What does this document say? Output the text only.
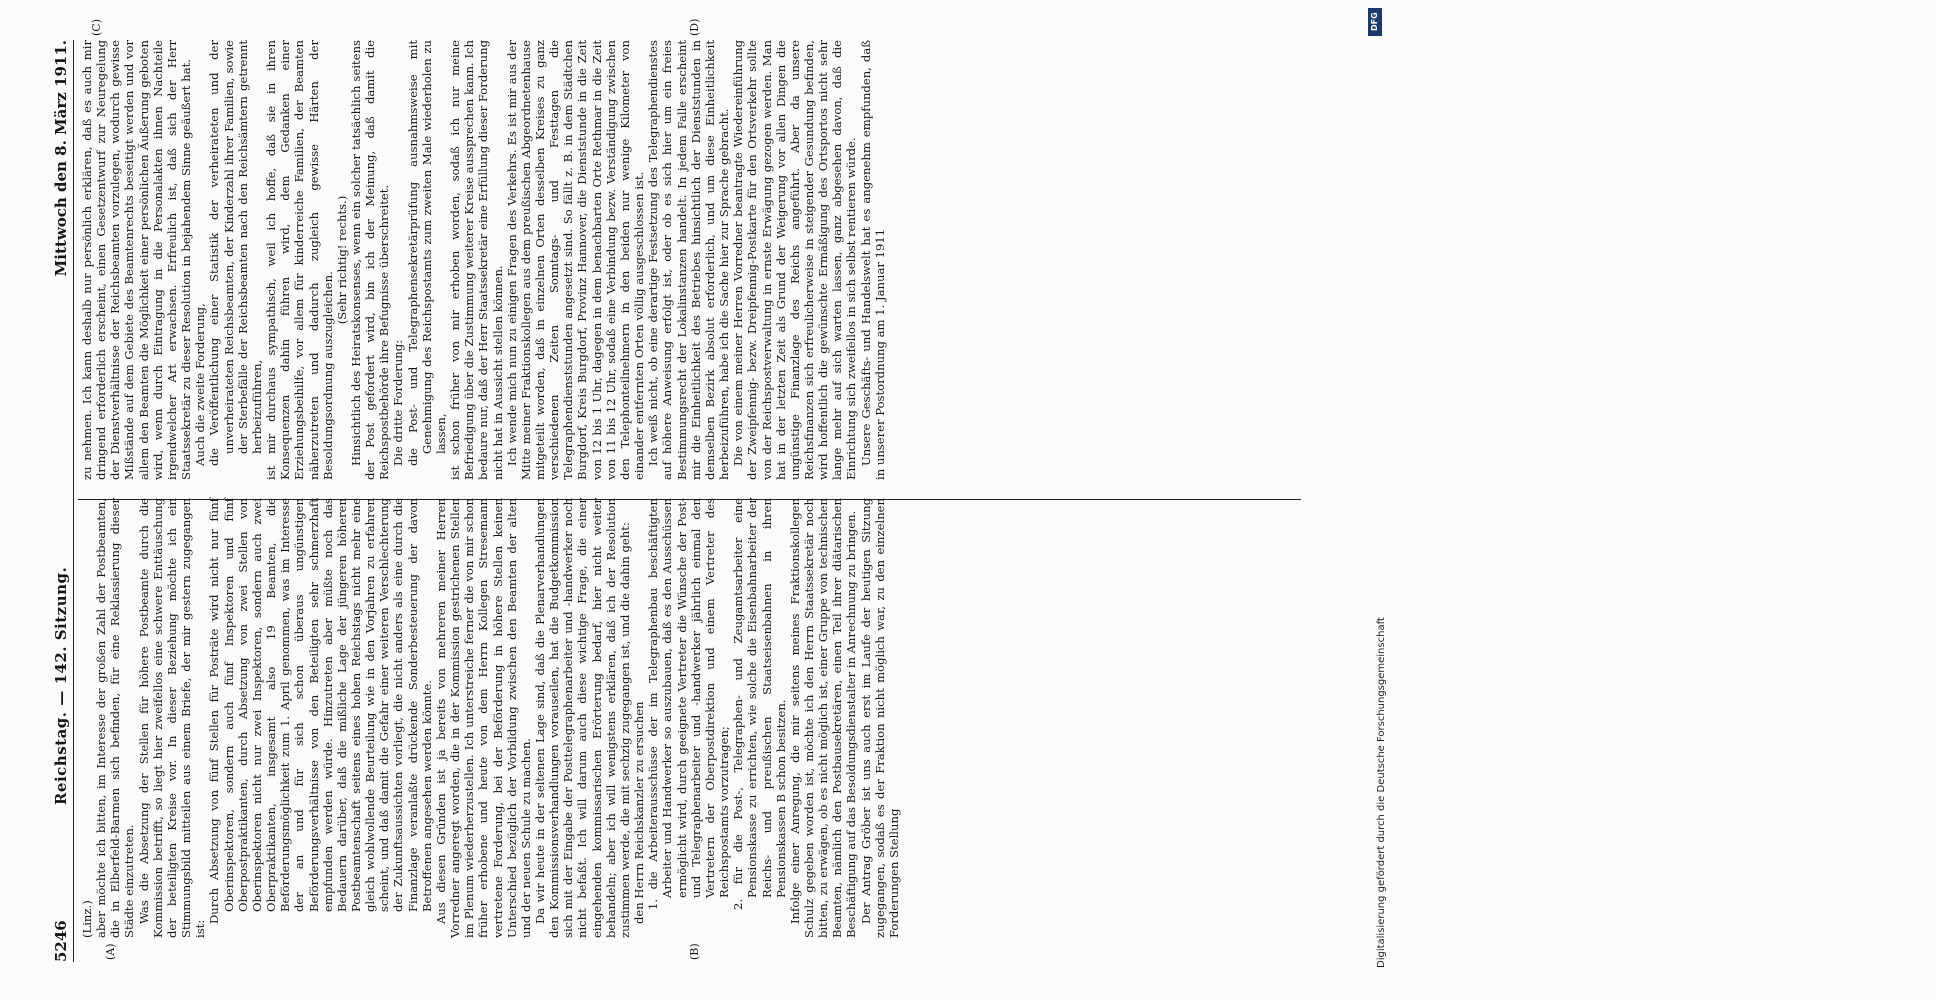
5246
Reichstag. — 142. Sitzung.
Mittwoch den 8. März 1911.
(A)	(B)
(C)	(D)

(Linz.) aber möchte ich bitten, im Interesse der großen Zahl der Postbeamten, die in Elberfeld-Barmen sich befinden, für eine Reklassierung dieser Städte einzutreten. Was die Absetzung der Stellen für höhere Postbeamte durch die Kommission betrifft, so liegt hier zweifellos eine schwere Enttäuschung der beteiligten Kreise vor. In dieser Beziehung möchte ich ein Stimmungsbild mitteilen aus einem Briefe, der mir gestern zugegangen ist:

Durch Absetzung von fünf Stellen für Posträte wird nicht nur fünf Oberinspektoren, sondern auch fünf Inspektoren und fünf Oberpostpraktikanten, durch Absetzung von zwei Stellen von Oberinspektoren nicht nur zwei Inspektoren, sondern auch zwei Oberpraktikanten, insgesamt also 19 Beamten, die Beförderungsmöglichkeit zum 1. April genommen, was im Interesse der an und für sich schon überaus ungünstigen Beförderungsverhältnisse von den Beteiligten sehr schmerzhaft empfunden werden würde. Hinzutreten aber müßte noch das Bedauern darüber, daß die mißliche Lage der jüngeren höheren Postbeamtenschaft seitens eines hohen Reichstags nicht mehr eine gleich wohlwollende Beurteilung wie in den Vorjahren zu erfahren scheint, und daß damit die Gefahr einer weiteren Verschlechterung der Zukunftsaussichten vorliegt, die nicht anders als eine durch die Finanzlage veranlaßte drückende Sonderbesteuerung der davon Betroffenen angesehen werden könnte. Aus diesen Gründen ist ja bereits von mehreren meiner Herren Vorredner angeregt worden, die in der Kommission gestrichenen Stellen im Plenum wiederherzustellen. Ich unterstreiche ferner die von mir schon früher erhobene und heute von dem Herrn Kollegen Stresemann vertretene Forderung, bei der Beförderung in höhere Stellen keinen Unterschied bezüglich der Vorbildung zwischen den Beamten der alten und der neuen Schule zu machen. Da wir heute in der seltenen Lage sind, daß die Plenarverhandlungen den Kommissionsverhandlungen vorauseilen, hat die Budgetkommission sich mit der Eingabe der Posttelegraphenarbeiter und -handwerker noch nicht befaßt. Ich will darum auch diese wichtige Frage, die einer eingehenden kommissarischen Erörterung bedarf, hier nicht weiter behandeln; aber ich will wenigstens erklären, daß ich der Resolution zustimmen werde, die mit sechzig zugegangen ist, und die dahin geht: den Herrn Reichskanzler zu ersuchen 1. die Arbeiterausschüsse der im Telegraphenbau beschäftigten Arbeiter und Handwerker so auszubauen, daß es den Ausschüssen ermöglicht wird, durch geeignete Vertreter die Wünsche der Post- und Telegraphenarbeiter und -handwerker jährlich einmal den Vertretern der Oberpostdirektion und einem Vertreter des Reichspostamts vorzutragen; 2. für die Post-, Telegraphen- und Zeugamtsarbeiter eine Pensionskasse zu errichten, wie solche die Eisenbahnarbeiter der Reichs- und preußischen Staatseisenbahnen in ihren Pensionskassen B schon besitzen. Infolge einer Anregung, die mir seitens meines Fraktionskollegen Schulz gegeben worden ist, möchte ich den Herrn Staatssekretär noch bitten, zu erwägen, ob es nicht möglich ist, einer Gruppe von technischen Beamten, nämlich den Postbausekretären, einen Teil ihrer diätarischen Beschäftigung auf das Besoldungsdienstalter in Anrechnung zu bringen. Der Antrag Gröber ist uns auch erst im Laufe der heutigen Sitzung zugegangen, sodaß es der Fraktion nicht möglich war, zu den einzelnen Forderungen Stellung

zu nehmen. Ich kann deshalb nur persönlich erklären, daß es auch mir dringend erforderlich erscheint, einen Gesetzentwurf zur Neuregelung der Dienstverhältnisse der Reichsbeamten vorzulegen, wodurch gewisse Mißstände auf dem Gebiete des Beamtenrechts beseitigt werden und vor allem den Beamten die Möglichkeit einer persönlichen Äußerung geboten wird, wenn durch Eintragung in die Personalakten ihnen Nachteile irgendwelcher Art erwachsen. Erfreulich ist, daß sich der Herr Staatssekretär zu dieser Resolution in bejahendem Sinne geäußert hat. Auch die zweite Forderung, die Veröffentlichung einer Statistik der verheirateten und der unverheirateten Reichsbeamten, der Kinderzahl ihrer Familien, sowie der Sterbefälle der Reichsbeamten nach den Reichsämtern getrennt herbeizuführen, ist mir durchaus sympathisch, weil ich hoffe, daß sie in ihren Konsequenzen dahin führen wird, dem Gedanken einer Erziehungsbeihilfe, vor allem für kinderreiche Familien, der Beamten näherzutreten und dadurch zugleich gewisse Härten der Besoldungsordnung auszugleichen.

(Sehr richtig! rechts.) Hinsichtlich des Heiratskonsenses, wenn ein solcher tatsächlich seitens der Post gefordert wird, bin ich der Meinung, daß damit die Reichspostbehörde ihre Befugnisse überschreitet. Die dritte Forderung: die Post- und Telegraphensekretärprüfung ausnahmsweise mit Genehmigung des Reichspostamts zum zweiten Male wiederholen zu lassen, ist schon früher von mir erhoben worden, sodaß ich nur meine Befriedigung über die Zustimmung weiterer Kreise aussprechen kann. Ich bedaure nur, daß der Herr Staatssekretär eine Erfüllung dieser Forderung nicht hat in Aussicht stellen können. Ich wende mich nun zu einigen Fragen des Verkehrs. Es ist mir aus der Mitte meiner Fraktionskollegen aus dem preußischen Abgeordnetenhause mitgeteilt worden, daß in einzelnen Orten desselben Kreises zu ganz verschiedenen Zeiten Sonntags- und Festtagen die Telegraphendienststunden angesetzt sind. So fällt z. B. in dem Städtchen Burgdorf, Kreis Burgdorf, Provinz Hannover, die Dienststunde in die Zeit von 12 bis 1 Uhr, dagegen in dem benachbarten Orte Rethmar in die Zeit von 11 bis 12 Uhr, sodaß eine Verbindung bezw. Verständigung zwischen den Telephonteilnehmern in den beiden nur wenige Kilometer von einander entfernten Orten völlig ausgeschlossen ist. Ich weiß nicht, ob eine derartige Festsetzung des Telegraphendienstes auf höhere Anweisung erfolgt ist, oder ob es sich hier um ein freies Bestimmungsrecht der Lokalinstanzen handelt. In jedem Falle erscheint mir die Einheitlichkeit des Betriebes hinsichtlich der Dienststunden in demselben Bezirk absolut erforderlich, und um diese Einheitlichkeit herbeizuführen, habe ich die Sache hier zur Sprache gebracht. Die von einem meiner Herren Vorredner beantragte Wiedereinführung der Zweipfennig- bezw. Dreipfennig-Postkarte für den Ortsverkehr sollte von der Reichspostverwaltung in ernste Erwägung gezogen werden. Man hat in der letzten Zeit als Grund der Weigerung vor allen Dingen die ungünstige Finanzlage des Reichs angeführt. Aber da unsere Reichsfinanzen sich erfreulicherweise in steigender Gesundung befinden, wird hoffentlich die gewünschte Ermäßigung des Ortsportos nicht sehr lange mehr auf sich warten lassen, ganz abgesehen davon, daß die Einrichtung sich zweifellos in sich selbst rentieren würde. Unsere Geschäfts- und Handelswelt hat es angenehm empfunden, daß in unserer Postordnung am 1. Januar 1911

DFG
Digitalisierung gefördert durch die Deutsche Forschungsgemeinschaft
